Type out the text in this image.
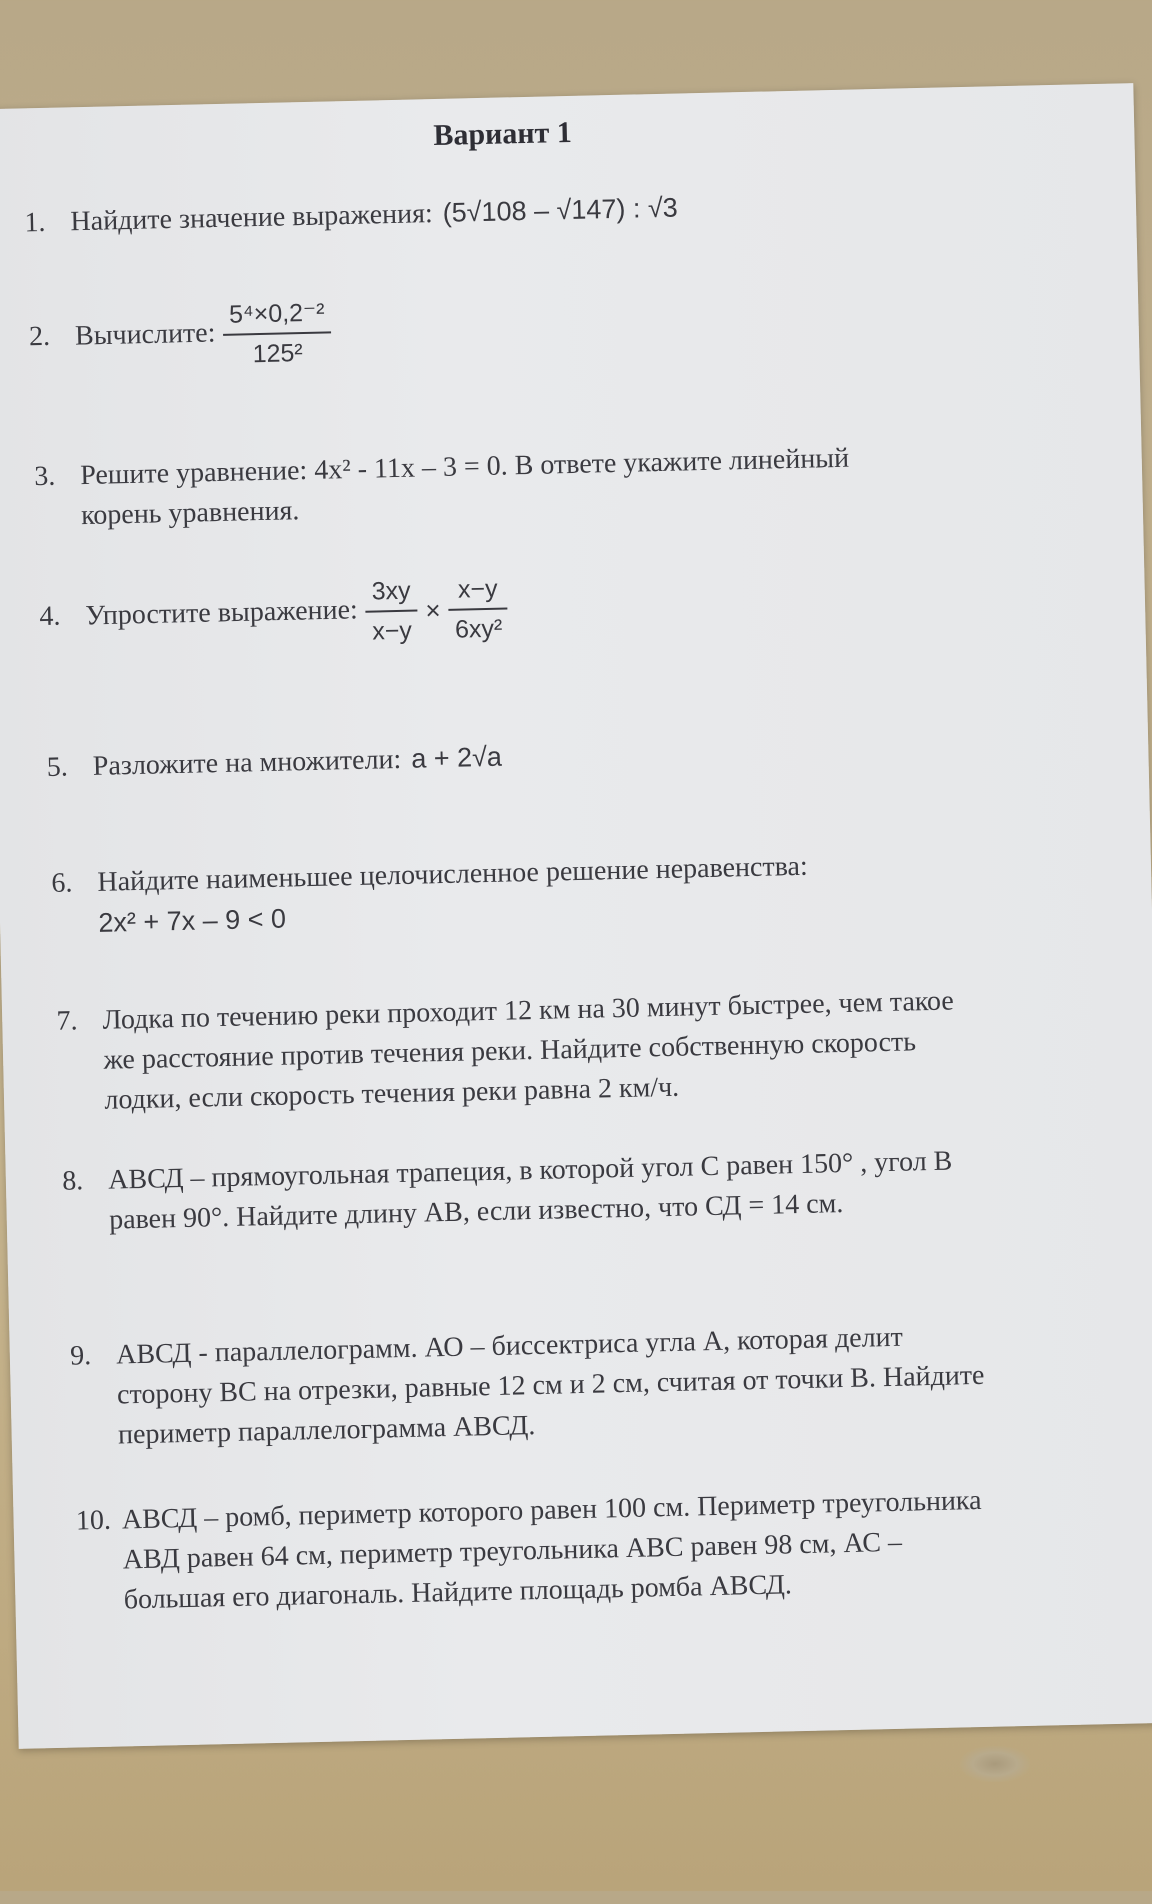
Вариант 1
1. Найдите значение выражения: (5√108 – √147) : √3
2. Вычислите: $\frac{\text{5⁴×0,2⁻²}}{\text{125²}}$
3. Решите уравнение: 4x² - 11x – 3 = 0. В ответе укажите линейный
корень уравнения.
4. Упростите выражение: $\frac{3xy}{x-y} \times \frac{x-y}{\text{6xy²}}$
5. Разложите на множители: a + 2√a
6. Найдите наименьшее целочисленное решение неравенства:
2x² + 7x – 9 < 0
7. Лодка по течению реки проходит 12 км на 30 минут быстрее, чем такое
же расстояние против течения реки. Найдите собственную скорость
лодки, если скорость течения реки равна 2 км/ч.
8. АВСД – прямоугольная трапеция, в которой угол С равен 150° , угол В
равен 90°. Найдите длину АВ, если известно, что СД = 14 см.
9. АВСД - параллелограмм. АО – биссектриса угла А, которая делит
сторону ВС на отрезки, равные 12 см и 2 см, считая от точки В. Найдите
периметр параллелограмма АВСД.
10. АВСД – ромб, периметр которого равен 100 см. Периметр треугольника
АВД равен 64 см, периметр треугольника АВС равен 98 см, АС –
большая его диагональ. Найдите площадь ромба АВСД.
